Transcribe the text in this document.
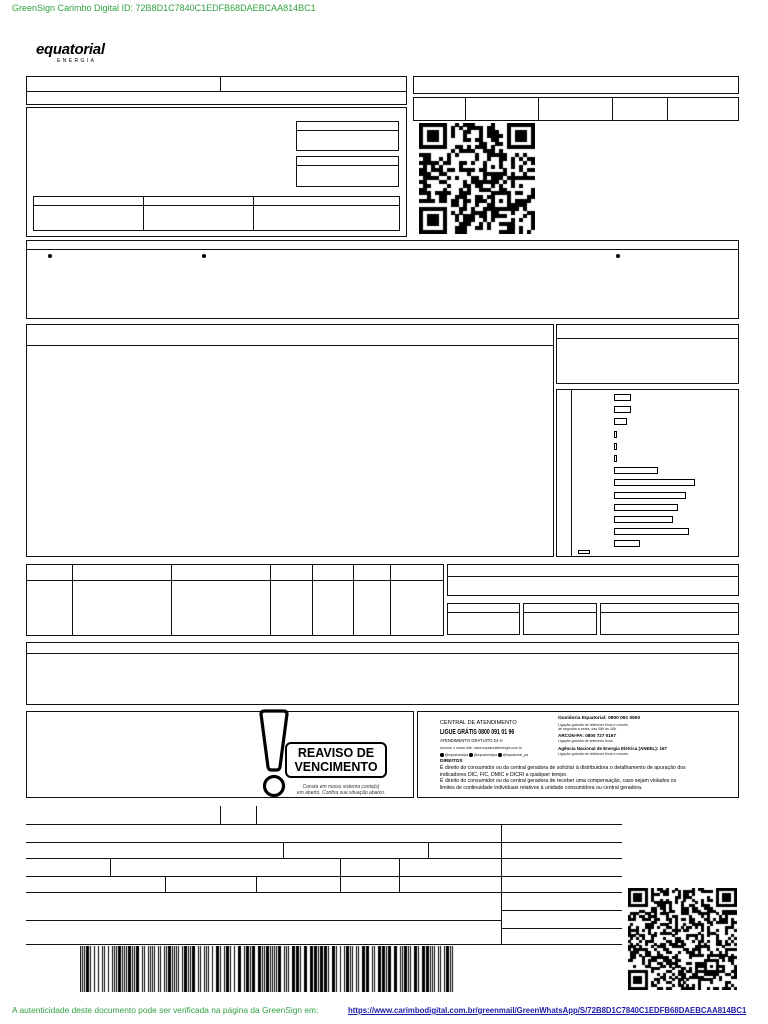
GreenSign Carimbo Digital ID: 72B8D1C7840C1EDFB68DAEBCAA814BC1
equatorial
ENERGIA
REAVISO DE
VENCIMENTO
Consta em nosso sistema conta(s)
em aberto. Confira sua situação abaixo.
CENTRAL DE ATENDIMENTO
LIGUE GRÁTIS 0800 091 01 96
ATENDIMENTO GRATUITO 24 H
Acesse o nosso site: www.equatorialenergia.com.br
@equatorialpa @equatorialpa @equatorial_pa
Ouvidoria Equatorial: 0800 091 0500
Ligação gratuita de telefones fixos e móveis,
de segunda a sexta, das 08h às 18h.
ARCON-PA: 0800 727 0167
Ligação gratuita de telefones fixos.
Agência Nacional de Energia Elétrica (ANEEL): 167
Ligação gratuita de telefones fixos e móveis.
DIREITOS
É direito do consumidor ou da central geradora de solicitar à distribuidora o detalhamento de apuração dos
indicadores DIC, FIC, DMIC e DICRI a qualquer tempo.
É direito do consumidor ou da central geradora de receber uma compensação, caso sejam violados os
limites de continuidade individuais relativos à unidade consumidora ou central geradora.
A autenticidade deste documento pode ser verificada na página da GreenSign em:	https://www.carimbodigital.com.br/greenmail/GreenWhatsApp/S/72B8D1C7840C1EDFB68DAEBCAA814BC1
